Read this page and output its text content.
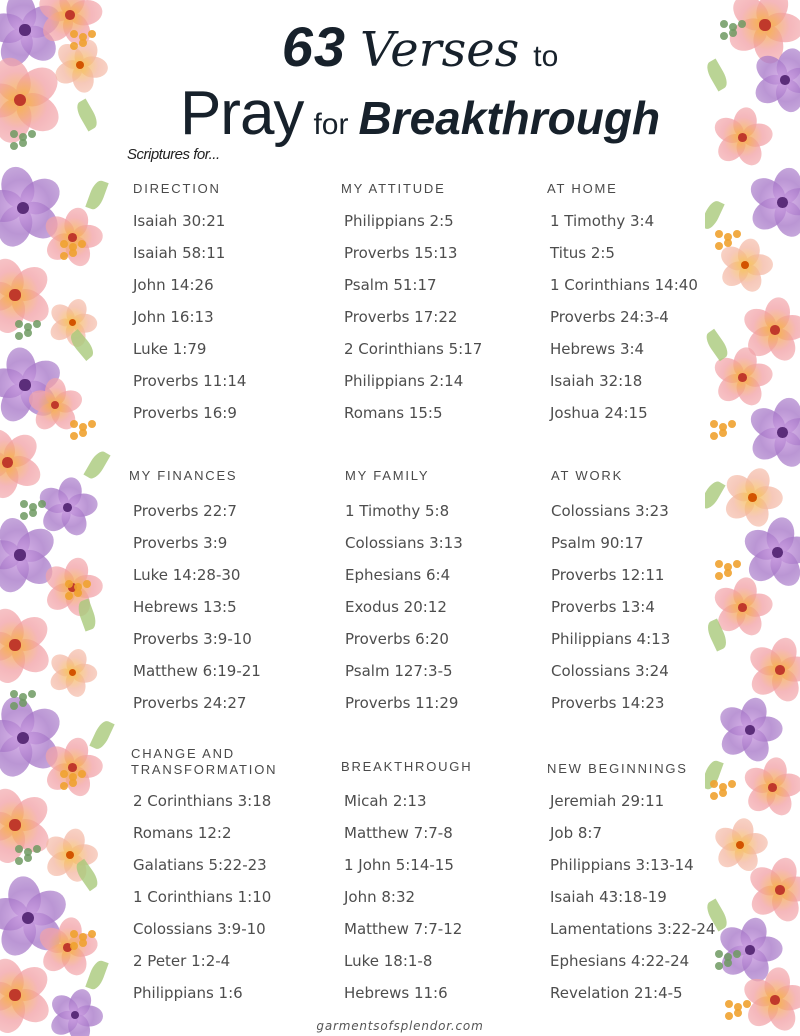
63 Verses to
Pray for Breakthrough
Scriptures for...
DIRECTION
Isaiah 30:21
Isaiah 58:11
John 14:26
John 16:13
Luke 1:79
Proverbs 11:14
Proverbs 16:9
MY ATTITUDE
Philippians 2:5
Proverbs 15:13
Psalm 51:17
Proverbs 17:22
2 Corinthians 5:17
Philippians 2:14
Romans 15:5
AT HOME
1 Timothy 3:4
Titus 2:5
1 Corinthians 14:40
Proverbs 24:3-4
Hebrews 3:4
Isaiah 32:18
Joshua 24:15
MY FINANCES
Proverbs 22:7
Proverbs 3:9
Luke 14:28-30
Hebrews 13:5
Proverbs 3:9-10
Matthew 6:19-21
Proverbs 24:27
MY FAMILY
1 Timothy 5:8
Colossians 3:13
Ephesians 6:4
Exodus 20:12
Proverbs 6:20
Psalm 127:3-5
Proverbs 11:29
AT WORK
Colossians 3:23
Psalm 90:17
Proverbs 12:11
Proverbs 13:4
Philippians 4:13
Colossians 3:24
Proverbs 14:23
CHANGE AND
TRANSFORMATION
2 Corinthians 3:18
Romans 12:2
Galatians 5:22-23
1 Corinthians 1:10
Colossians 3:9-10
2 Peter 1:2-4
Philippians 1:6
BREAKTHROUGH
Micah 2:13
Matthew 7:7-8
1 John 5:14-15
John 8:32
Matthew 7:7-12
Luke 18:1-8
Hebrews 11:6
NEW BEGINNINGS
Jeremiah 29:11
Job 8:7
Philippians 3:13-14
Isaiah 43:18-19
Lamentations 3:22-24
Ephesians 4:22-24
Revelation 21:4-5
garmentsofsplendor.com
